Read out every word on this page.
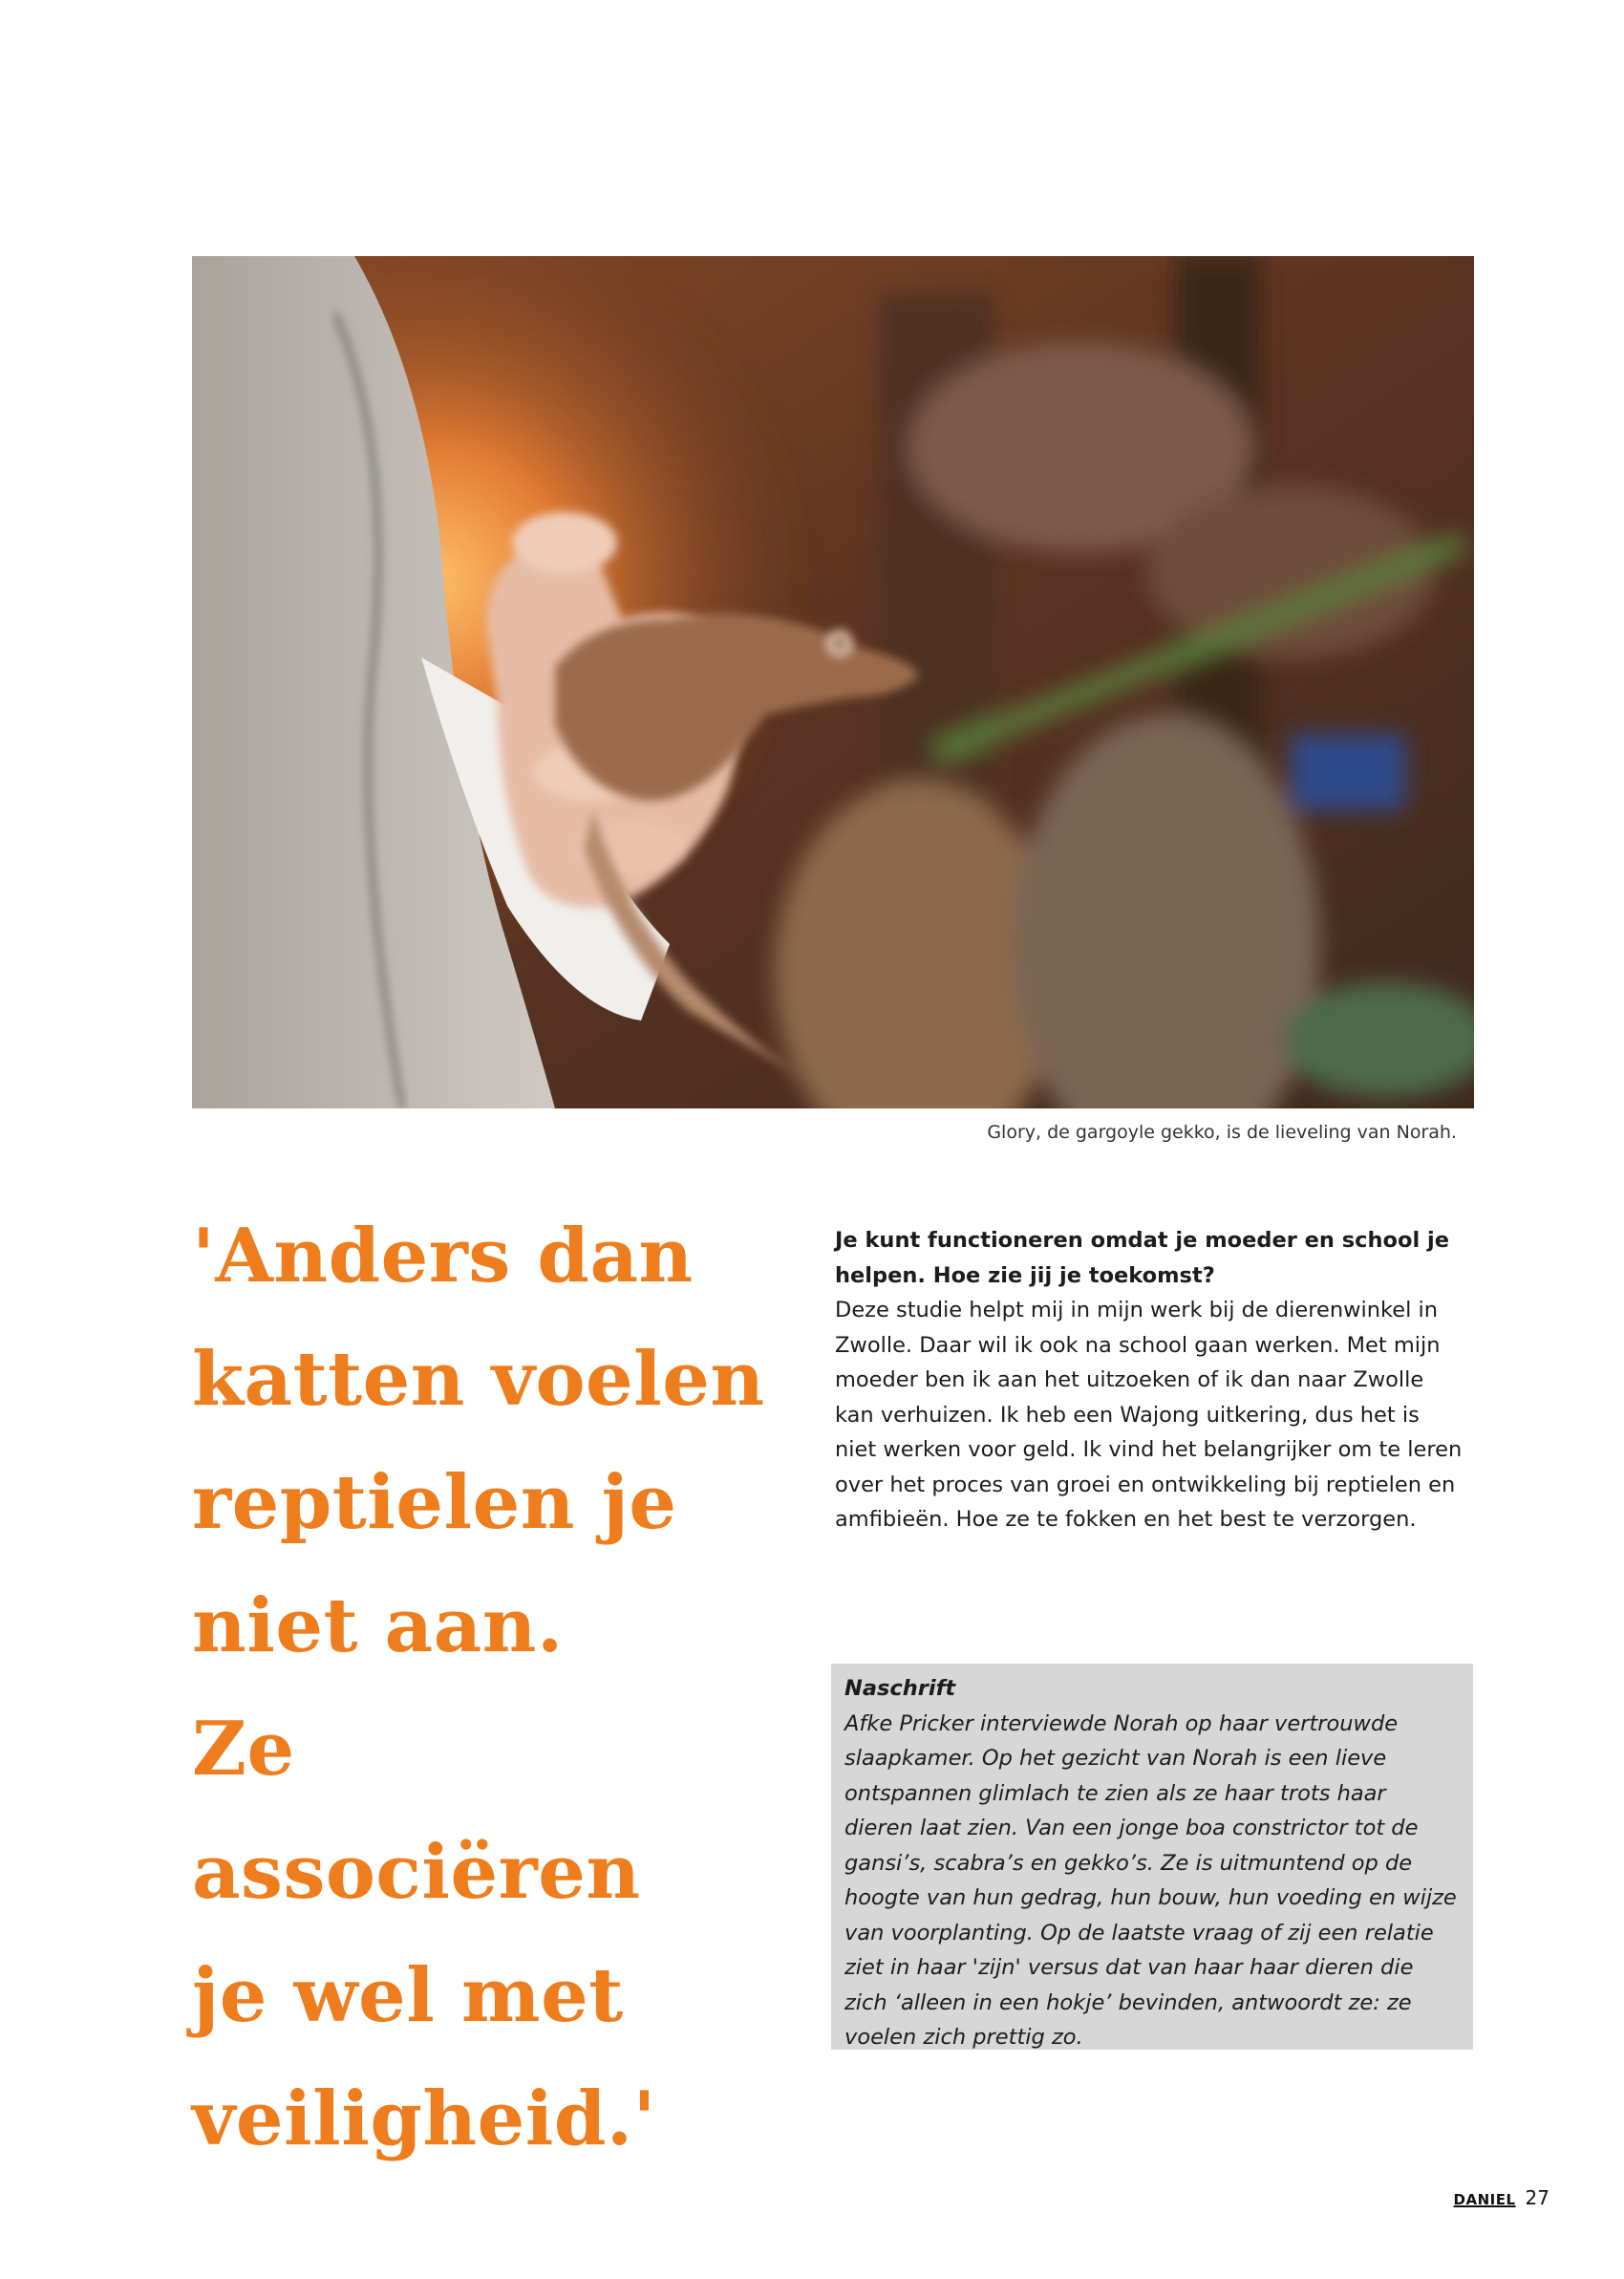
Glory, de gargoyle gekko, is de lieveling van Norah.
'Anders dan
katten voelen
reptielen je
niet aan.
Ze associëren
je wel met
veiligheid.'

Je kunt functioneren omdat je moeder en school je helpen. Hoe zie jij je toekomst?

Deze studie helpt mij in mijn werk bij de dierenwinkel in Zwolle. Daar wil ik ook na school gaan werken. Met mijn moeder ben ik aan het uitzoeken of ik dan naar Zwolle kan verhuizen. Ik heb een Wajong uitkering, dus het is niet werken voor geld. Ik vind het belangrijker om te leren over het proces van groei en ontwikkeling bij reptielen en amfibieën. Hoe ze te fokken en het best te verzorgen.

Naschrift

Afke Pricker interviewde Norah op haar vertrouwde slaapkamer. Op het gezicht van Norah is een lieve ontspannen glimlach te zien als ze haar trots haar dieren laat zien. Van een jonge boa constrictor tot de gansi’s, scabra’s en gekko’s. Ze is uitmuntend op de hoogte van hun gedrag, hun bouw, hun voeding en wijze van voorplanting. Op de laatste vraag of zij een relatie ziet in haar 'zijn' versus dat van haar haar dieren die zich ‘alleen in een hokje’ bevinden, antwoordt ze: ze voelen zich prettig zo.

DANIEL 27
